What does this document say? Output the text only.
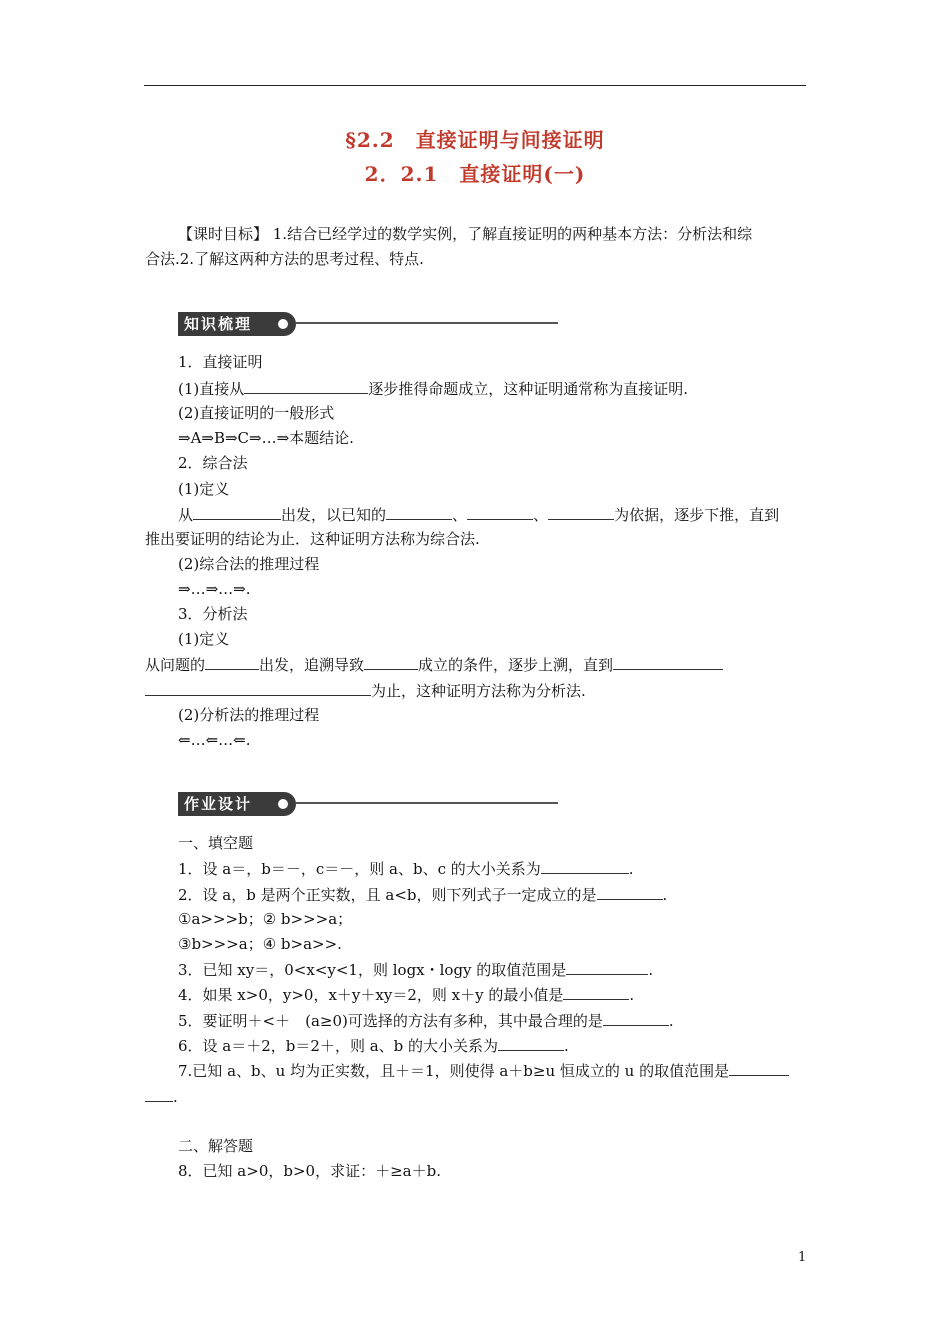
§2.2　直接证明与间接证明
2．2.1　直接证明(一)
【课时目标】 1.结合已经学过的数学实例，了解直接证明的两种基本方法：分析法和综
合法.2.了解这两种方法的思考过程、特点.
知识梳理
1．直接证明
(1)直接从	逐步推得命题成立，这种证明通常称为直接证明.
(2)直接证明的一般形式
⇒A⇒B⇒C⇒…⇒本题结论.
2．综合法
(1)定义
从	出发，以已知的	、	、	为依据，逐步下推，直到
推出要证明的结论为止．这种证明方法称为综合法.
(2)综合法的推理过程
⇒…⇒…⇒.
3．分析法
(1)定义
从问题的	出发，追溯导致	成立的条件，逐步上溯，直到
为止，这种证明方法称为分析法.
(2)分析法的推理过程
⇐…⇐…⇐.
作业设计
一、填空题
1．设 a＝，b＝－，c＝－，则 a、b、c 的大小关系为	.
2．设 a，b 是两个正实数，且 a<b，则下列式子一定成立的是	.
①a>>>b；② b>>>a；
③b>>>a；④ b>a>>.
3．已知 xy＝，0<x<y<1，则 logx・logy 的取值范围是	.
4．如果 x>0，y>0，x＋y＋xy＝2，则 x＋y 的最小值是	.
5．要证明＋<＋　(a≥0)可选择的方法有多种，其中最合理的是	.
6．设 a＝＋2，b＝2＋，则 a、b 的大小关系为	.
7.已知 a、b、u 均为正实数，且＋＝1，则使得 a＋b≥u 恒成立的 u 的取值范围是
.
二、解答题
8．已知 a>0，b>0，求证：＋≥a＋b.
1
